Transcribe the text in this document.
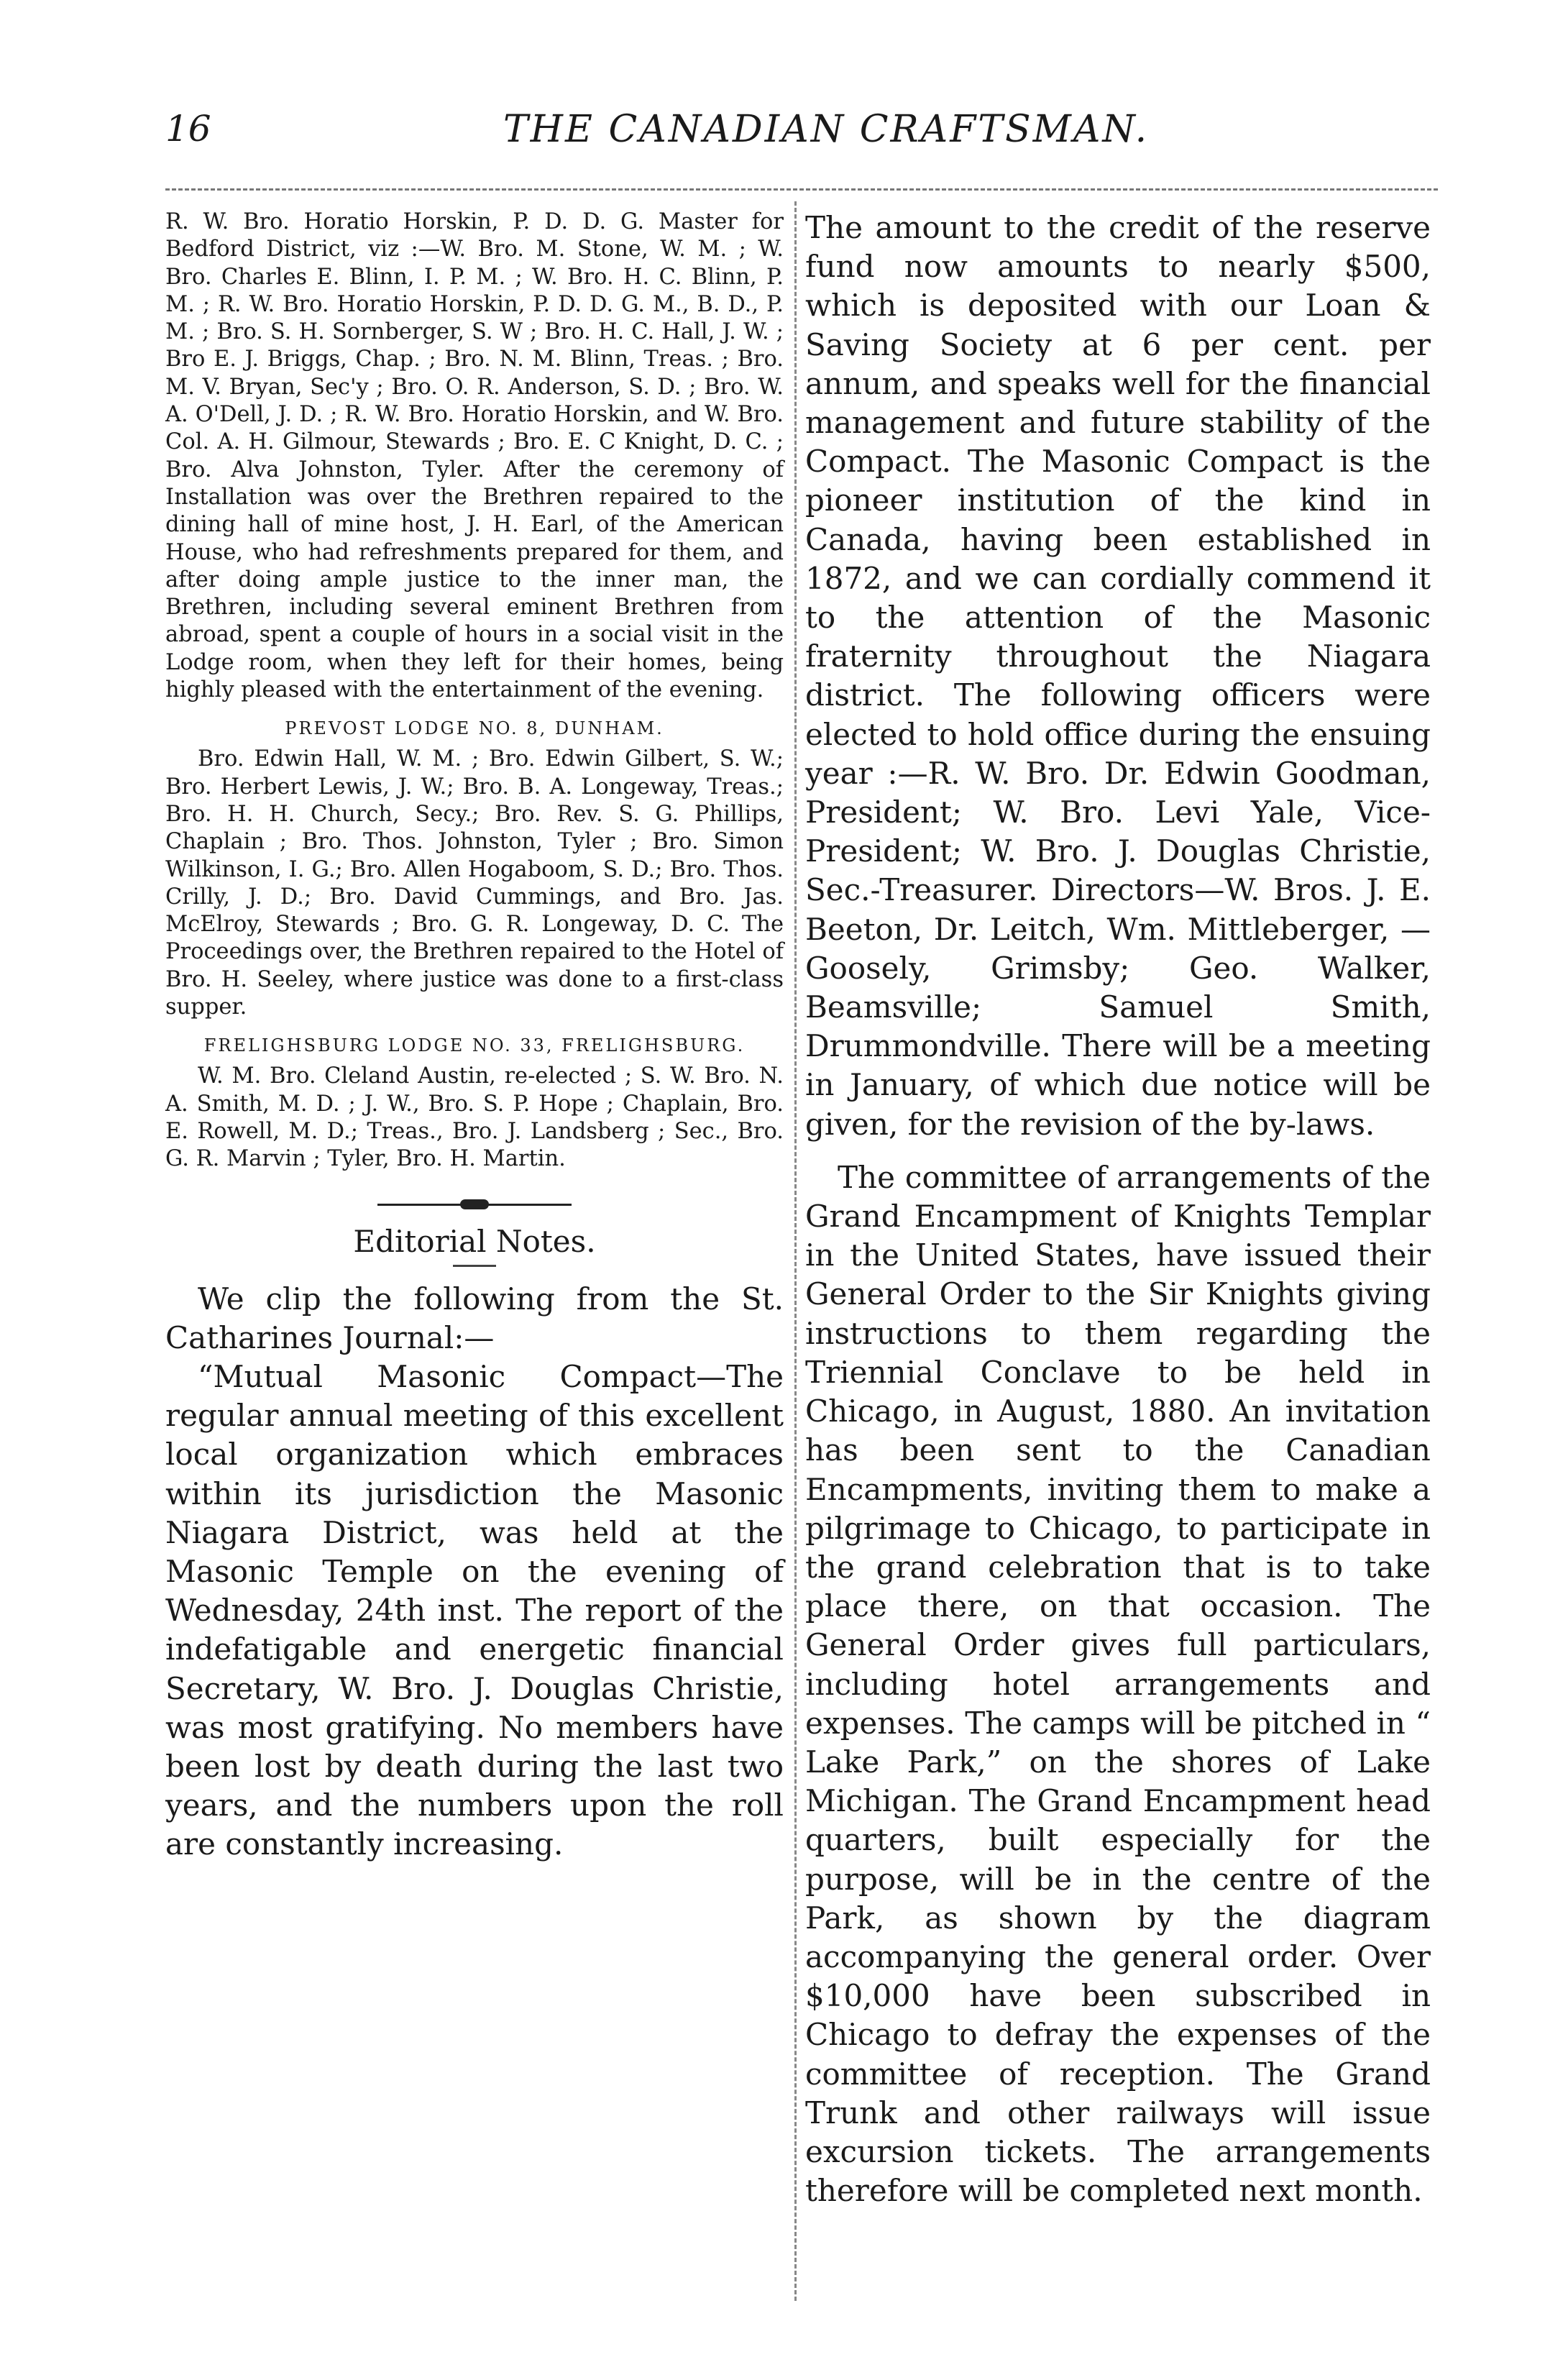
16	THE CANADIAN CRAFTSMAN.

R. W. Bro. Horatio Horskin, P. D. D. G. Master for Bedford District, viz :—W. Bro. M. Stone, W. M. ; W. Bro. Charles E. Blinn, I. P. M. ; W. Bro. H. C. Blinn, P. M. ; R. W. Bro. Horatio Horskin, P. D. D. G. M., B. D., P. M. ; Bro. S. H. Sornberger, S. W ; Bro. H. C. Hall, J. W. ; Bro E. J. Briggs, Chap. ; Bro. N. M. Blinn, Treas. ; Bro. M. V. Bryan, Sec'y ; Bro. O. R. Anderson, S. D. ; Bro. W. A. O'Dell, J. D. ; R. W. Bro. Horatio Horskin, and W. Bro. Col. A. H. Gilmour, Stewards ; Bro. E. C Knight, D. C. ; Bro. Alva Johnston, Tyler. After the ceremony of Installation was over the Brethren repaired to the dining hall of mine host, J. H. Earl, of the American House, who had refreshments prepared for them, and after doing ample justice to the inner man, the Brethren, including several eminent Brethren from abroad, spent a couple of hours in a social visit in the Lodge room, when they left for their homes, being highly pleased with the entertainment of the evening.

PREVOST LODGE NO. 8, DUNHAM.

Bro. Edwin Hall, W. M. ; Bro. Edwin Gilbert, S. W.; Bro. Herbert Lewis, J. W.; Bro. B. A. Longeway, Treas.; Bro. H. H. Church, Secy.; Bro. Rev. S. G. Phillips, Chaplain ; Bro. Thos. Johnston, Tyler ; Bro. Simon Wilkinson, I. G.; Bro. Allen Hogaboom, S. D.; Bro. Thos. Crilly, J. D.; Bro. David Cummings, and Bro. Jas. McElroy, Stewards ; Bro. G. R. Longeway, D. C. The Proceedings over, the Brethren repaired to the Hotel of Bro. H. Seeley, where justice was done to a first-class supper.

FRELIGHSBURG LODGE NO. 33, FRELIGHSBURG.

W. M. Bro. Cleland Austin, re-elected ; S. W. Bro. N. A. Smith, M. D. ; J. W., Bro. S. P. Hope ; Chaplain, Bro. E. Rowell, M. D.; Treas., Bro. J. Landsberg ; Sec., Bro. G. R. Marvin ; Tyler, Bro. H. Martin.

Editorial Notes.

We clip the following from the St. Catharines Journal:—

“Mutual Masonic Compact—The regular annual meeting of this excellent local organization which embraces within its jurisdiction the Masonic Niagara District, was held at the Masonic Temple on the evening of Wednesday, 24th inst. The report of the indefatigable and energetic financial Secretary, W. Bro. J. Douglas Christie, was most gratifying. No members have been lost by death during the last two years, and the numbers upon the roll are constantly increasing.

The amount to the credit of the reserve fund now amounts to nearly $500, which is deposited with our Loan & Saving Society at 6 per cent. per annum, and speaks well for the financial management and future stability of the Compact. The Masonic Compact is the pioneer institution of the kind in Canada, having been established in 1872, and we can cordially commend it to the attention of the Masonic fraternity throughout the Niagara district. The following officers were elected to hold office during the ensuing year :—R. W. Bro. Dr. Edwin Goodman, President; W. Bro. Levi Yale, Vice-President; W. Bro. J. Douglas Christie, Sec.-Treasurer. Directors—W. Bros. J. E. Beeton, Dr. Leitch, Wm. Mittleberger, — Goosely, Grimsby; Geo. Walker, Beamsville; Samuel Smith, Drummondville. There will be a meeting in January, of which due notice will be given, for the revision of the by-laws.

The committee of arrangements of the Grand Encampment of Knights Templar in the United States, have issued their General Order to the Sir Knights giving instructions to them regarding the Triennial Conclave to be held in Chicago, in August, 1880. An invitation has been sent to the Canadian Encampments, inviting them to make a pilgrimage to Chicago, to participate in the grand celebration that is to take place there, on that occasion. The General Order gives full particulars, including hotel arrangements and expenses. The camps will be pitched in “ Lake Park,” on the shores of Lake Michigan. The Grand Encampment head quarters, built especially for the purpose, will be in the centre of the Park, as shown by the diagram accompanying the general order. Over $10,000 have been subscribed in Chicago to defray the expenses of the committee of reception. The Grand Trunk and other railways will issue excursion tickets. The arrangements therefore will be completed next month.
